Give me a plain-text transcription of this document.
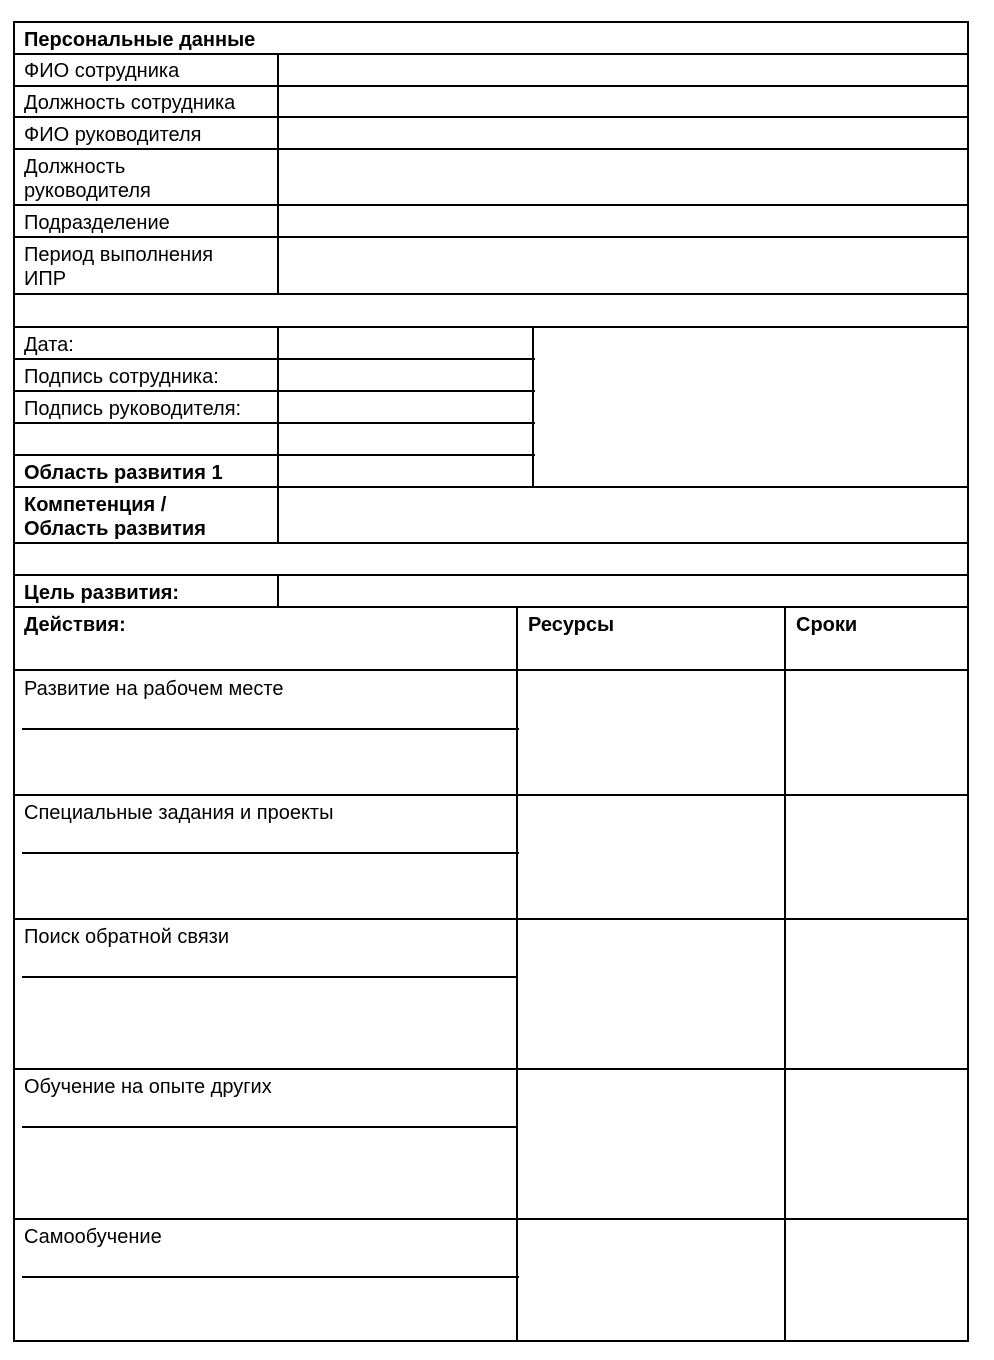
Персональные данные
ФИО сотрудника
Должность сотрудника
ФИО руководителя
Должность
руководителя
Подразделение
Период выполнения
ИПР
Дата:
Подпись сотрудника:
Подпись руководителя:
Область развития 1
Компетенция /
Область развития
Цель развития:
Действия:	Ресурсы	Сроки
Развитие на рабочем месте
Специальные задания и проекты
Поиск обратной связи
Обучение на опыте других
Самообучение
